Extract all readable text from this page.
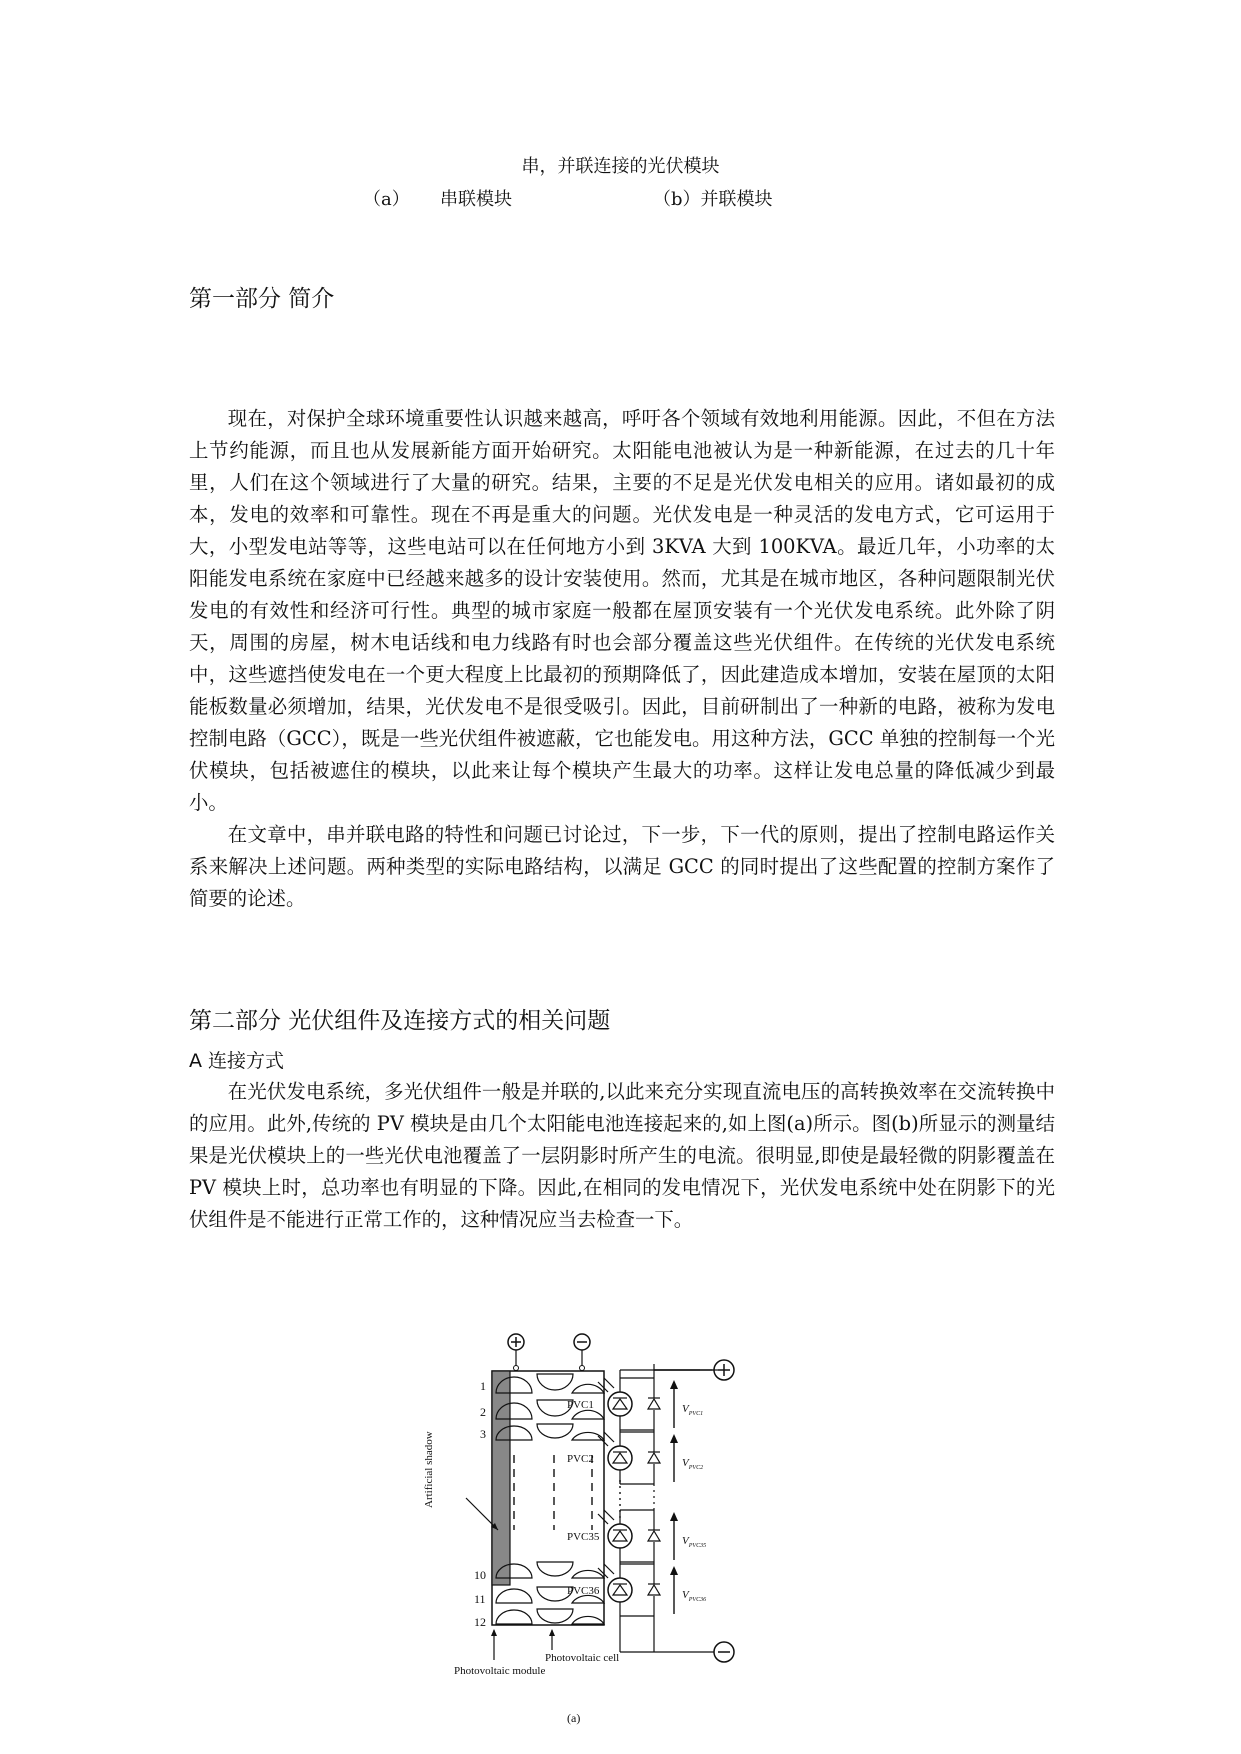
串，并联连接的光伏模块
（a） 串联模块	（b）并联模块
第一部分 简介

现在，对保护全球环境重要性认识越来越高，呼吁各个领域有效地利用能源。因此，不但在方法上节约能源，而且也从发展新能方面开始研究。太阳能电池被认为是一种新能源，在过去的几十年里，人们在这个领域进行了大量的研究。结果，主要的不足是光伏发电相关的应用。诸如最初的成本，发电的效率和可靠性。现在不再是重大的问题。光伏发电是一种灵活的发电方式，它可运用于大，小型发电站等等，这些电站可以在任何地方小到 3KVA 大到 100KVA。最近几年，小功率的太阳能发电系统在家庭中已经越来越多的设计安装使用。然而，尤其是在城市地区，各种问题限制光伏发电的有效性和经济可行性。典型的城市家庭一般都在屋顶安装有一个光伏发电系统。此外除了阴天，周围的房屋，树木电话线和电力线路有时也会部分覆盖这些光伏组件。在传统的光伏发电系统中，这些遮挡使发电在一个更大程度上比最初的预期降低了，因此建造成本增加，安装在屋顶的太阳能板数量必须增加，结果，光伏发电不是很受吸引。因此，目前研制出了一种新的电路，被称为发电控制电路（GCC），既是一些光伏组件被遮蔽，它也能发电。用这种方法，GCC 单独的控制每一个光伏模块，包括被遮住的模块，以此来让每个模块产生最大的功率。这样让发电总量的降低减少到最小。

在文章中，串并联电路的特性和问题已讨论过，下一步，下一代的原则，提出了控制电路运作关系来解决上述问题。两种类型的实际电路结构，以满足 GCC 的同时提出了这些配置的控制方案作了简要的论述。

第二部分 光伏组件及连接方式的相关问题
A 连接方式

在光伏发电系统，多光伏组件一般是并联的,以此来充分实现直流电压的高转换效率在交流转换中的应用。此外,传统的 PV 模块是由几个太阳能电池连接起来的,如上图(a)所示。图(b)所显示的测量结果是光伏模块上的一些光伏电池覆盖了一层阴影时所产生的电流。很明显,即使是最轻微的阴影覆盖在 PV 模块上时，总功率也有明显的下降。因此,在相同的发电情况下，光伏发电系统中处在阴影下的光伏组件是不能进行正常工作的，这种情况应当去检查一下。

1
2
3
10
11
12
Artificial shadow
Photovoltaic cell
Photovoltaic module
PVC1	$V_{PVC1}$
PVC2	$V_{PVC2}$
PVC35	$V_{PVC35}$
PVC36	$V_{PVC36}$
(a)
